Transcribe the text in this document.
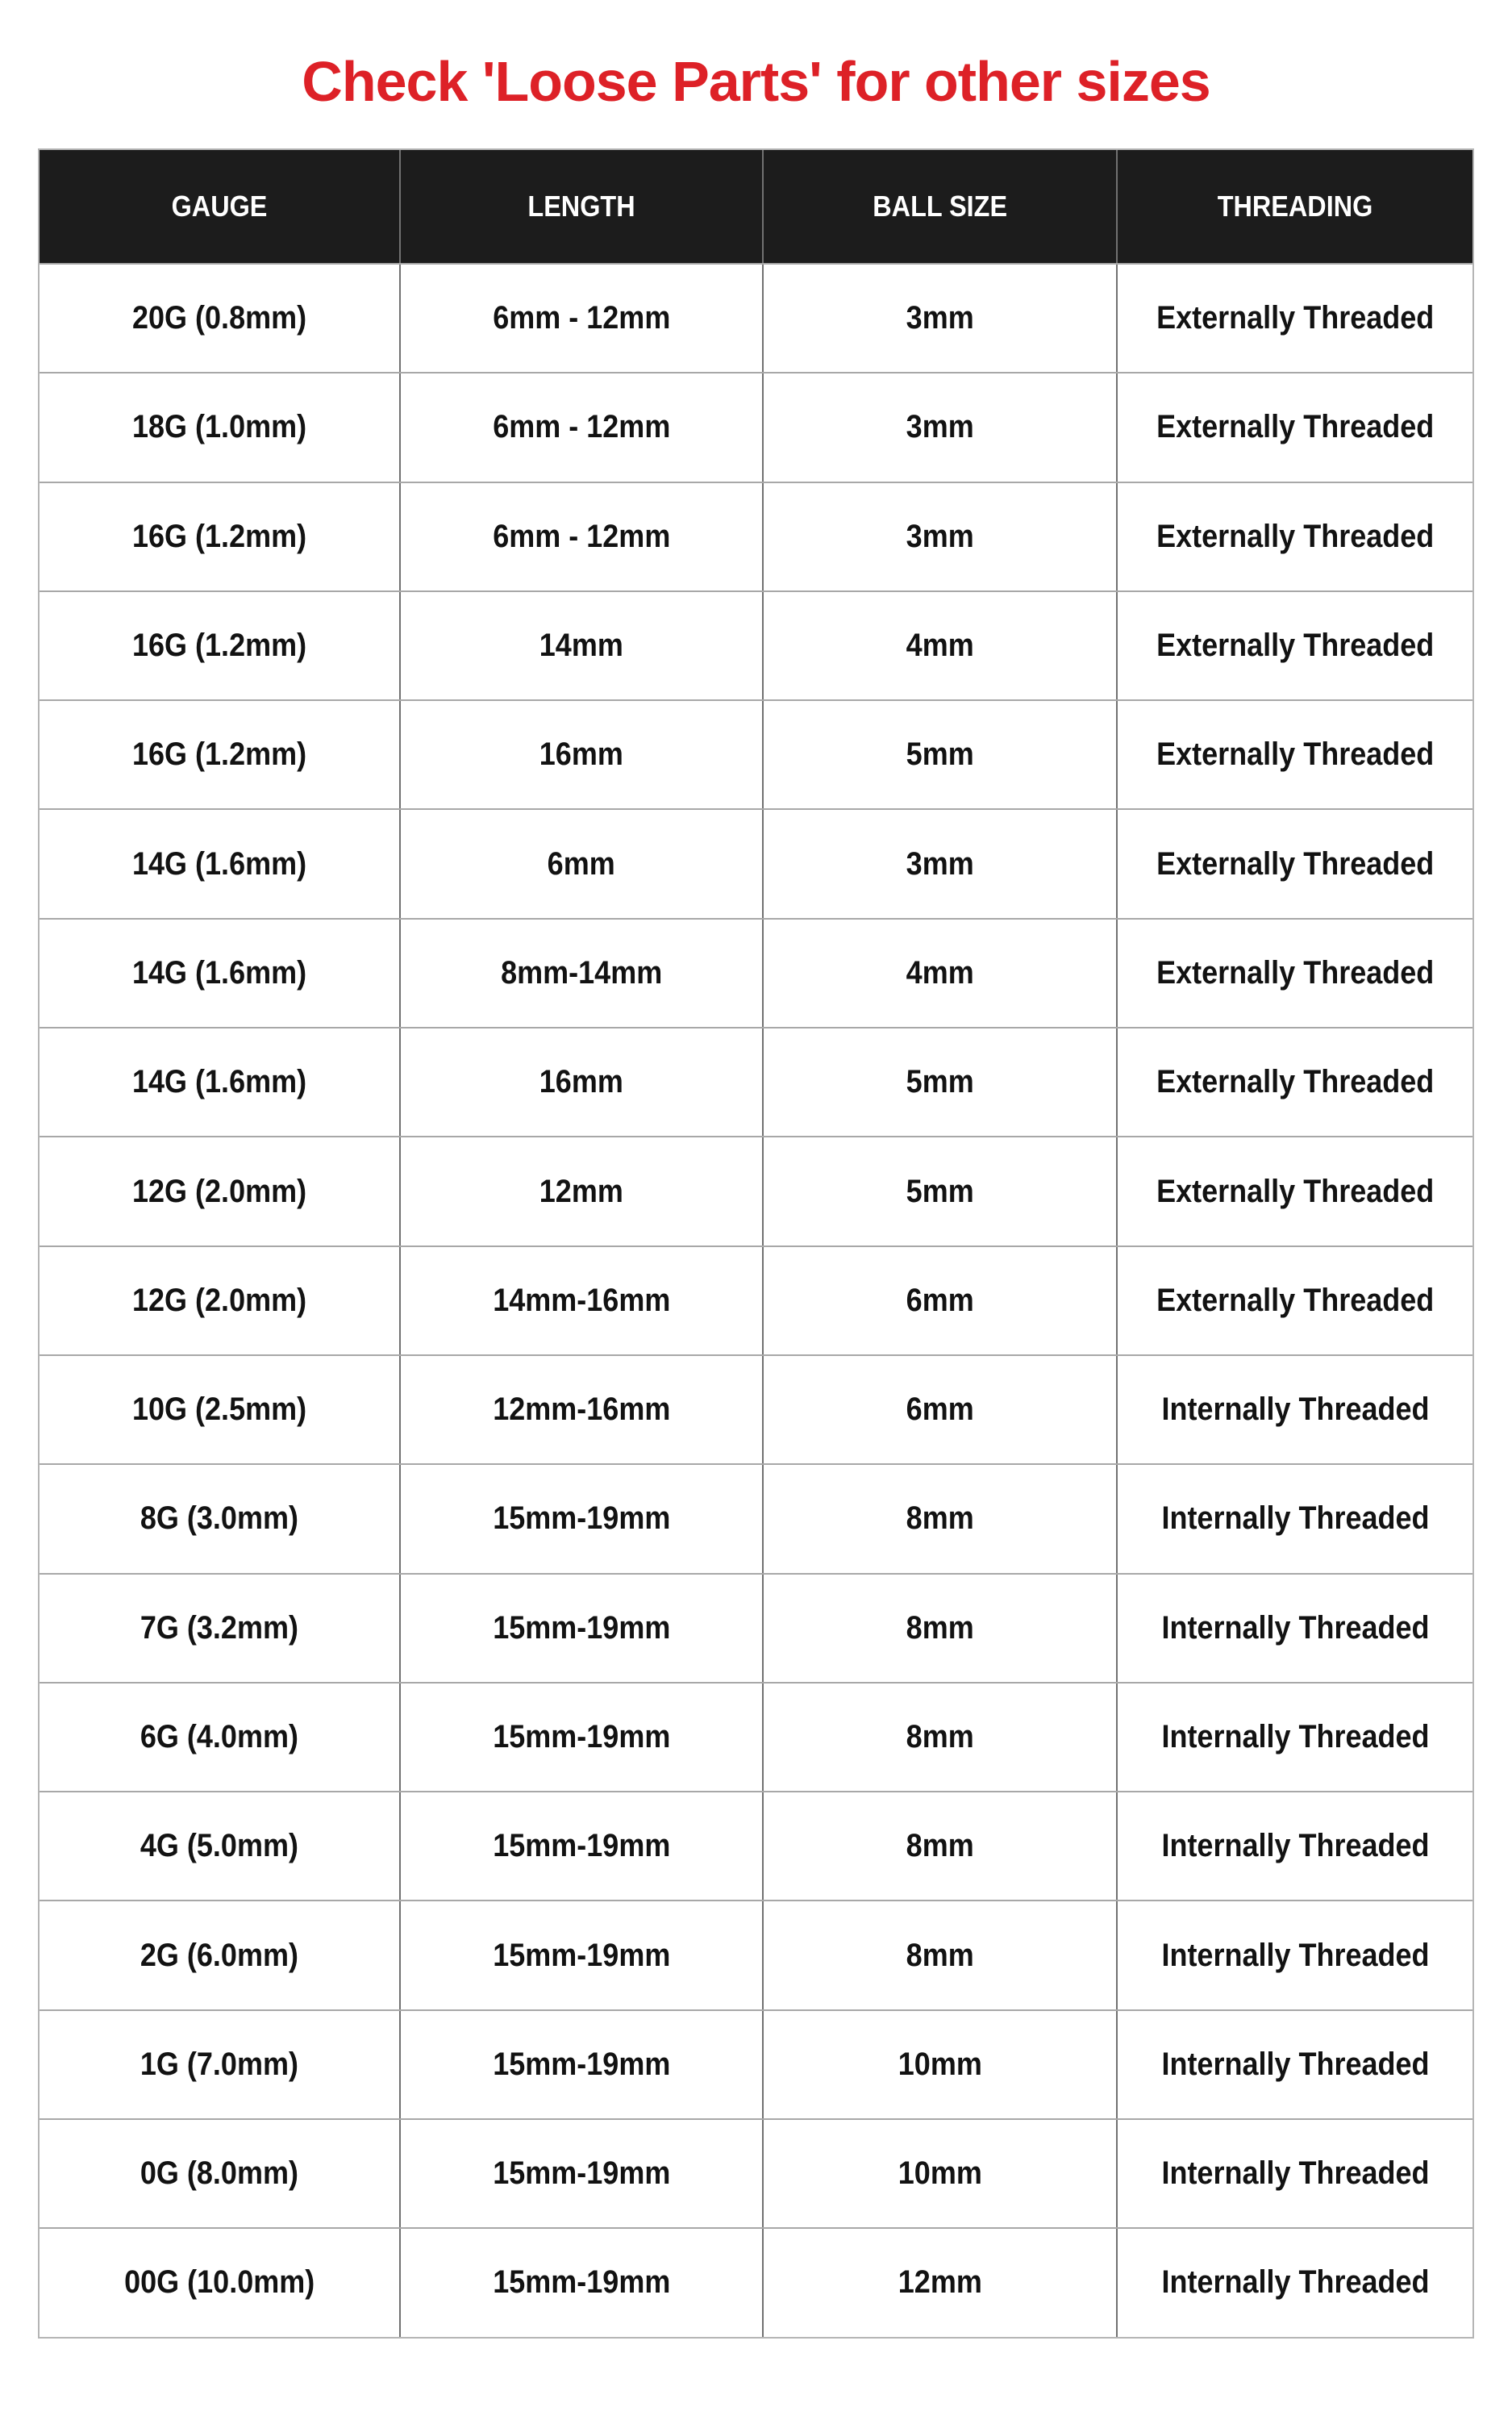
Check 'Loose Parts' for other sizes
GAUGE	LENGTH	BALL SIZE	THREADING
20G (0.8mm)	6mm - 12mm	3mm	Externally Threaded
18G (1.0mm)	6mm - 12mm	3mm	Externally Threaded
16G (1.2mm)	6mm - 12mm	3mm	Externally Threaded
16G (1.2mm)	14mm	4mm	Externally Threaded
16G (1.2mm)	16mm	5mm	Externally Threaded
14G (1.6mm)	6mm	3mm	Externally Threaded
14G (1.6mm)	8mm-14mm	4mm	Externally Threaded
14G (1.6mm)	16mm	5mm	Externally Threaded
12G (2.0mm)	12mm	5mm	Externally Threaded
12G (2.0mm)	14mm-16mm	6mm	Externally Threaded
10G (2.5mm)	12mm-16mm	6mm	Internally Threaded
8G (3.0mm)	15mm-19mm	8mm	Internally Threaded
7G (3.2mm)	15mm-19mm	8mm	Internally Threaded
6G (4.0mm)	15mm-19mm	8mm	Internally Threaded
4G (5.0mm)	15mm-19mm	8mm	Internally Threaded
2G (6.0mm)	15mm-19mm	8mm	Internally Threaded
1G (7.0mm)	15mm-19mm	10mm	Internally Threaded
0G (8.0mm)	15mm-19mm	10mm	Internally Threaded
00G (10.0mm)	15mm-19mm	12mm	Internally Threaded
